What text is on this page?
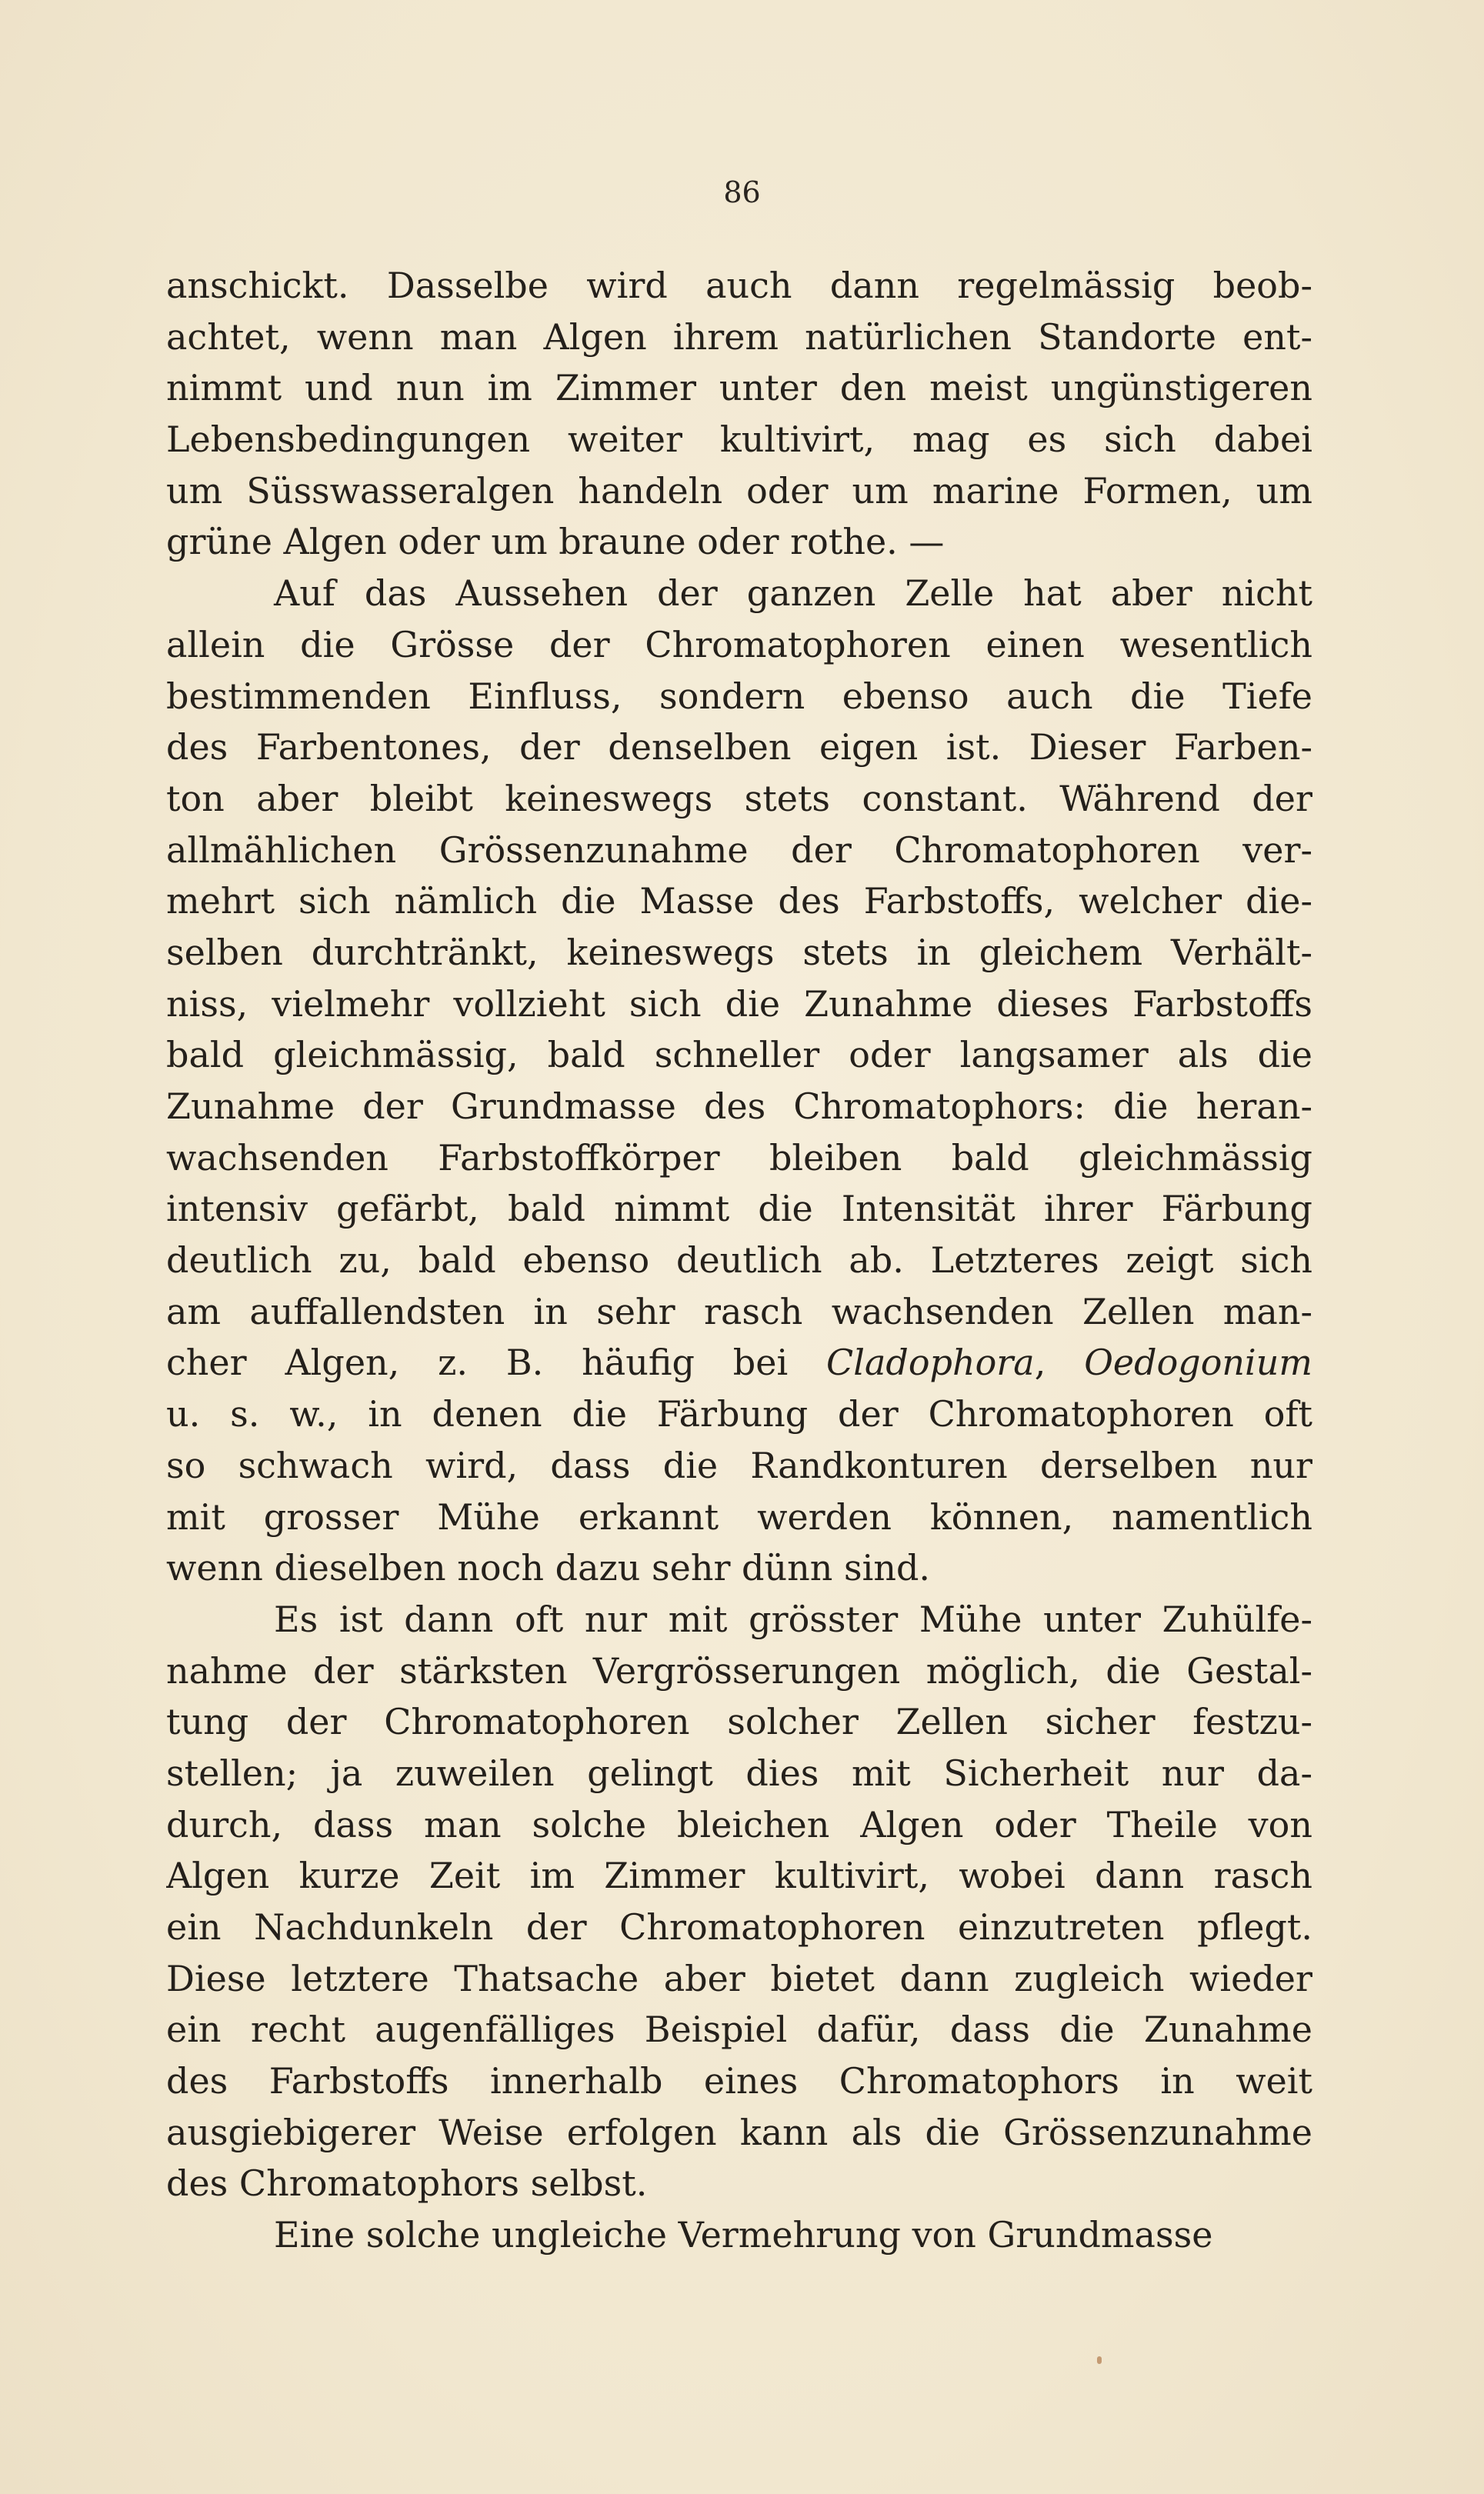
86
anschickt. Dasselbe wird auch dann regelmässig beob-
achtet, wenn man Algen ihrem natürlichen Standorte ent-
nimmt und nun im Zimmer unter den meist ungünstigeren
Lebensbedingungen weiter kultivirt, mag es sich dabei
um Süsswasseralgen handeln oder um marine Formen, um
grüne Algen oder um braune oder rothe. —
Auf das Aussehen der ganzen Zelle hat aber nicht
allein die Grösse der Chromatophoren einen wesentlich
bestimmenden Einfluss, sondern ebenso auch die Tiefe
des Farbentones, der denselben eigen ist. Dieser Farben-
ton aber bleibt keineswegs stets constant. Während der
allmählichen Grössenzunahme der Chromatophoren ver-
mehrt sich nämlich die Masse des Farbstoffs, welcher die-
selben durchtränkt, keineswegs stets in gleichem Verhält-
niss, vielmehr vollzieht sich die Zunahme dieses Farbstoffs
bald gleichmässig, bald schneller oder langsamer als die
Zunahme der Grundmasse des Chromatophors: die heran-
wachsenden Farbstoffkörper bleiben bald gleichmässig
intensiv gefärbt, bald nimmt die Intensität ihrer Färbung
deutlich zu, bald ebenso deutlich ab. Letzteres zeigt sich
am auffallendsten in sehr rasch wachsenden Zellen man-
cher Algen, z. B. häufig bei Cladophora, Oedogonium
u. s. w., in denen die Färbung der Chromatophoren oft
so schwach wird, dass die Randkonturen derselben nur
mit grosser Mühe erkannt werden können, namentlich
wenn dieselben noch dazu sehr dünn sind.
Es ist dann oft nur mit grösster Mühe unter Zuhülfe-
nahme der stärksten Vergrösserungen möglich, die Gestal-
tung der Chromatophoren solcher Zellen sicher festzu-
stellen; ja zuweilen gelingt dies mit Sicherheit nur da-
durch, dass man solche bleichen Algen oder Theile von
Algen kurze Zeit im Zimmer kultivirt, wobei dann rasch
ein Nachdunkeln der Chromatophoren einzutreten pflegt.
Diese letztere Thatsache aber bietet dann zugleich wieder
ein recht augenfälliges Beispiel dafür, dass die Zunahme
des Farbstoffs innerhalb eines Chromatophors in weit
ausgiebigerer Weise erfolgen kann als die Grössenzunahme
des Chromatophors selbst.
Eine solche ungleiche Vermehrung von Grundmasse
